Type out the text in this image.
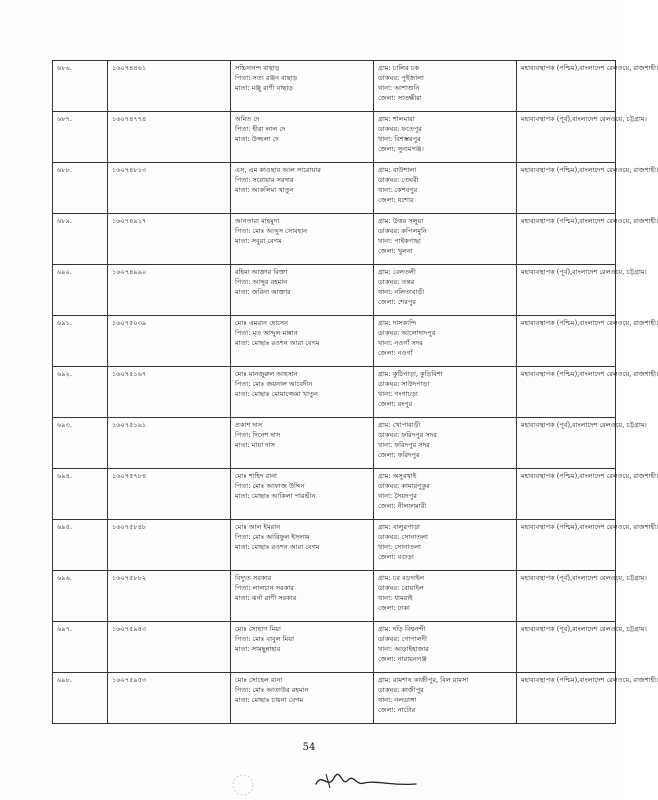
৬৮৬.	১৬০৭৪৪৬১	সচ্চিদানন্দ বাছাড়
পিতা: সত্য রঞ্জন বাছাড়
মাতা: মঞ্জু রাণী বাছাড়	গ্রাম: চালির চক
ডাকঘর: পুইজালা
থানা: আশাশুনি
জেলা: সাতক্ষীরা	মহাব্যবস্থাপক (পশ্চিম),বাংলাদেশ রেলওয়ে, রাজশাহী।

৬৮৭.	১৬০৭৪৭৭৪	অমিত দে
পিতা: হীরা লাল দে
মাতা: উজ্জলা দে	গ্রাম: শালমারা
ডাকঘর: ফতেপুর
থানা: বিশম্ভরপুর
জেলা: সুনামগঞ্জ।	মহাব্যবস্থাপক (পূর্ব),বাংলাদেশ রেলওয়ে, চট্টগ্রাম।

৬৮৮.	১৬০৭৪৮১৩	এস, এম কাওছার আল সারোয়ার
পিতা: সরোয়ার সরদার
মাতা: আকলিমা খাতুন	গ্রাম: বাউশালা
ডাকঘর: তেঘরী
থানা: কেশবপুর
জেলা: যশোর	মহাব্যবস্থাপক (পশ্চিম),বাংলাদেশ রেলওয়ে, রাজশাহী।

৬৮৯.	১৬০৭৪৯১৭	আনতারা মাহমুদা
পিতা: মোঃ আব্দুস সোবহান
মাতা: সবুরা বেগম	গ্রাম: উত্তর সলুয়া
ডাকঘর: কপিলমুনি
থানা: পাইকগাছা
জেলা: খুলনা	মহাব্যবস্থাপক (পশ্চিম),বাংলাদেশ রেলওয়ে, রাজশাহী।

৬৯০.	১৬০৭৪৯৯০	রহিমা আক্তার রিক্তা
পিতা: আব্দুর রহমান
মাতা: জরিনা আক্তার	গ্রাম: বেলতলী
ডাকঘর: তন্তর
থানা: নলিতাবাড়ী
জেলা: শেরপুর	মহাব্যবস্থাপক (পূর্ব),বাংলাদেশ রেলওয়ে, চট্টগ্রাম।

৬৯১.	১৬০৭৫০৩৯	মোঃ এমরান হোসেন
পিতা: মৃত আব্দুল মান্নান
মাতা: মোছাঃ রওশন আরা বেগম	গ্রাম: দাসকান্দি
ডাকঘর: আলোদাদপুর
থানা: নওগাঁ সদর
জেলা: নওগাঁ	মহাব্যবস্থাপক (পশ্চিম),বাংলাদেশ রেলওয়ে, রাজশাহী।

৬৯২.	১৬০৭৫১৬৭	মোঃ মানজুরুল আহসান
পিতা: মোঃ জয়নাল আবেদীন
মাতা: মোছাঃ মোয়াজ্জেমা খাতুন	গ্রাম: কুঠিপাড়া, কুড়িবিশা
ডাকঘর: সাউদপাড়া
থানা: গংগাচড়া
জেলা: রংপুর	মহাব্যবস্থাপক (পশ্চিম),বাংলাদেশ রেলওয়ে, রাজশাহী।

৬৯৩.	১৬০৭৫১৯১	প্রকাশ দাস
পিতা: দিনেশ দাস
মাতা: মায়া দাস	গ্রাম: খোপাবাড়ী
ডাকঘর: ফরিদপুর সদর
থানা: ফরিদপুর সদর
জেলা: ফরিদপুর	মহাব্যবস্থাপক (পূর্ব),বাংলাদেশ রেলওয়ে, চট্টগ্রাম।

৬৯৪.	১৬০৭৫৭৮৪	মোঃ শাহিদ রানা
পিতা: মোঃ আফাজ উদ্দিন
মাতা: মোছাঃ আকিলা পারভীন	গ্রাম: অসুরখাই
ডাকঘর: কামারপুকুর
থানা: সৈয়দপুর
জেলা: নীলফামারী	মহাব্যবস্থাপক (পশ্চিম),বাংলাদেশ রেলওয়ে, রাজশাহী।

৬৯৫.	১৬০৭৫৮৪৮	মোঃ আল ইমরান
পিতা: মোঃ আরিফুল ইসলাম
মাতা: মোছাঃ রওশন আরা বেগম	গ্রাম: বালুরপাড়া
ডাকঘর: সোনাতলা
থানা: সোনাতলা
জেলা: বগুড়া	মহাব্যবস্থাপক (পশ্চিম),বাংলাদেশ রেলওয়ে, রাজশাহী।

৬৯৬.	১৬০৭৫৮৮২	বিদ্যুত সরকার
পিতা: লালচান সরকার
মাতা: ঝর্না রাণী সরকার	গ্রাম: চর বড়দাইল
ডাকঘর: বোয়াইল
থানা: ধামরাই
জেলা: ঢাকা	মহাব্যবস্থাপক (পূর্ব),বাংলাদেশ রেলওয়ে, চট্টগ্রাম।

৬৯৭.	১৬০৭৫৯৪৩	মোঃ সোহাগ মিয়া
পিতা: মোঃ বাবুল মিয়া
মাতা: সামছুন্নাহার	গ্রাম: দড়ি বিশ্বনন্দী
ডাকঘর: গোপালদী
থানা: আড়াইহাজার
জেলা: নারায়নগঞ্জ	মহাব্যবস্থাপক (পূর্ব),বাংলাদেশ রেলওয়ে, চট্টগ্রাম।

৬৯৮.	১৬০৭৫৯৫৩	মোঃ সোহেল রানা
পিতা: মোঃ আতাউর রহমান
মাতা: মোছাঃ চায়না বেগম	গ্রাম: রামশাষ কাজীপুর, বিল রামসা
ডাকঘর: কাজীপুর
থানা: নলডাঙ্গা
জেলা: নাটোর	মহাব্যবস্থাপক (পশ্চিম),বাংলাদেশ রেলওয়ে, রাজশাহী।
54
